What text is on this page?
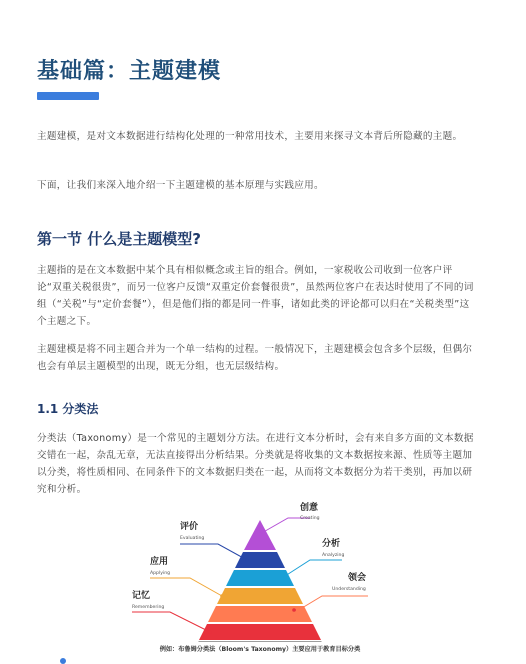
基础篇：主题建模

主题建模，是对文本数据进行结构化处理的一种常用技术，主要用来探寻文本背后所隐藏的主题。

下面，让我们来深入地介绍一下主题建模的基本原理与实践应用。

第一节 什么是主题模型?

主题指的是在文本数据中某个具有相似概念或主旨的组合。例如，一家税收公司收到一位客户评论“双重关税很贵”，而另一位客户反馈“双重定价套餐很贵”，虽然两位客户在表达时使用了不同的词组（“关税”与“定价套餐”），但是他们指的都是同一件事，诸如此类的评论都可以归在“关税类型”这个主题之下。

主题建模是将不同主题合并为一个单一结构的过程。一般情况下，主题建模会包含多个层级，但偶尔也会有单层主题模型的出现，既无分组，也无层级结构。

1.1 分类法

分类法（Taxonomy）是一个常见的主题划分方法。在进行文本分析时，会有来自多方面的文本数据交错在一起，杂乱无章，无法直接得出分析结果。分类就是将收集的文本数据按来源、性质等主题加以分类，将性质相同、在同条件下的文本数据归类在一起，从而将文本数据分为若干类别，再加以研究和分析。

创意
Creating
评价
Evaluating
分析
Analyzing
应用
Applying	领会
Understanding
记忆
Remembering
例如：布鲁姆分类法（Bloom's Taxonomy）主要应用于教育目标分类
